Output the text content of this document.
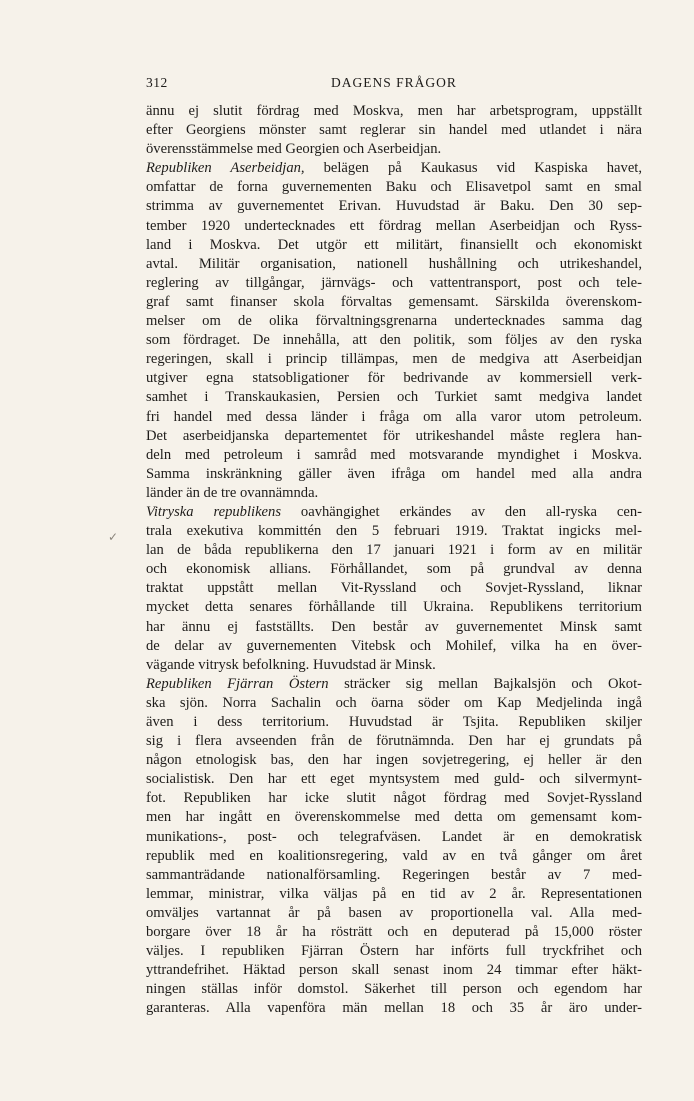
312	DAGENS FRÅGOR
ännu ej slutit fördrag med Moskva, men har arbetsprogram, uppställt
efter Georgiens mönster samt reglerar sin handel med utlandet i nära
överensstämmelse med Georgien och Aserbeidjan.
Republiken Aserbeidjan, belägen på Kaukasus vid Kaspiska havet,
omfattar de forna guvernementen Baku och Elisavetpol samt en smal
strimma av guvernementet Erivan. Huvudstad är Baku. Den 30 sep-
tember 1920 undertecknades ett fördrag mellan Aserbeidjan och Ryss-
land i Moskva. Det utgör ett militärt, finansiellt och ekonomiskt
avtal. Militär organisation, nationell hushållning och utrikeshandel,
reglering av tillgångar, järnvägs- och vattentransport, post och tele-
graf samt finanser skola förvaltas gemensamt. Särskilda överenskom-
melser om de olika förvaltningsgrenarna undertecknades samma dag
som fördraget. De innehålla, att den politik, som följes av den ryska
regeringen, skall i princip tillämpas, men de medgiva att Aserbeidjan
utgiver egna statsobligationer för bedrivande av kommersiell verk-
samhet i Transkaukasien, Persien och Turkiet samt medgiva landet
fri handel med dessa länder i fråga om alla varor utom petroleum.
Det aserbeidjanska departementet för utrikeshandel måste reglera han-
deln med petroleum i samråd med motsvarande myndighet i Moskva.
Samma inskränkning gäller även ifråga om handel med alla andra
länder än de tre ovannämnda.
Vitryska republikens oavhängighet erkändes av den all-ryska cen-
trala exekutiva kommittén den 5 februari 1919. Traktat ingicks mel-
lan de båda republikerna den 17 januari 1921 i form av en militär
och ekonomisk allians. Förhållandet, som på grundval av denna
traktat uppstått mellan Vit-Ryssland och Sovjet-Ryssland, liknar
mycket detta senares förhållande till Ukraina. Republikens territorium
har ännu ej fastställts. Den består av guvernementet Minsk samt
de delar av guvernementen Vitebsk och Mohilef, vilka ha en över-
vägande vitrysk befolkning. Huvudstad är Minsk.
Republiken Fjärran Östern sträcker sig mellan Bajkalsjön och Okot-
ska sjön. Norra Sachalin och öarna söder om Kap Medjelinda ingå
även i dess territorium. Huvudstad är Tsjita. Republiken skiljer
sig i flera avseenden från de förutnämnda. Den har ej grundats på
någon etnologisk bas, den har ingen sovjetregering, ej heller är den
socialistisk. Den har ett eget myntsystem med guld- och silvermynt-
fot. Republiken har icke slutit något fördrag med Sovjet-Ryssland
men har ingått en överenskommelse med detta om gemensamt kom-
munikations-, post- och telegrafväsen. Landet är en demokratisk
republik med en koalitionsregering, vald av en två gånger om året
sammanträdande nationalförsamling. Regeringen består av 7 med-
lemmar, ministrar, vilka väljas på en tid av 2 år. Representationen
omväljes vartannat år på basen av proportionella val. Alla med-
borgare över 18 år ha rösträtt och en deputerad på 15,000 röster
väljes. I republiken Fjärran Östern har införts full tryckfrihet och
yttrandefrihet. Häktad person skall senast inom 24 timmar efter häkt-
ningen ställas inför domstol. Säkerhet till person och egendom har
garanteras. Alla vapenföra män mellan 18 och 35 år äro under-
✓
